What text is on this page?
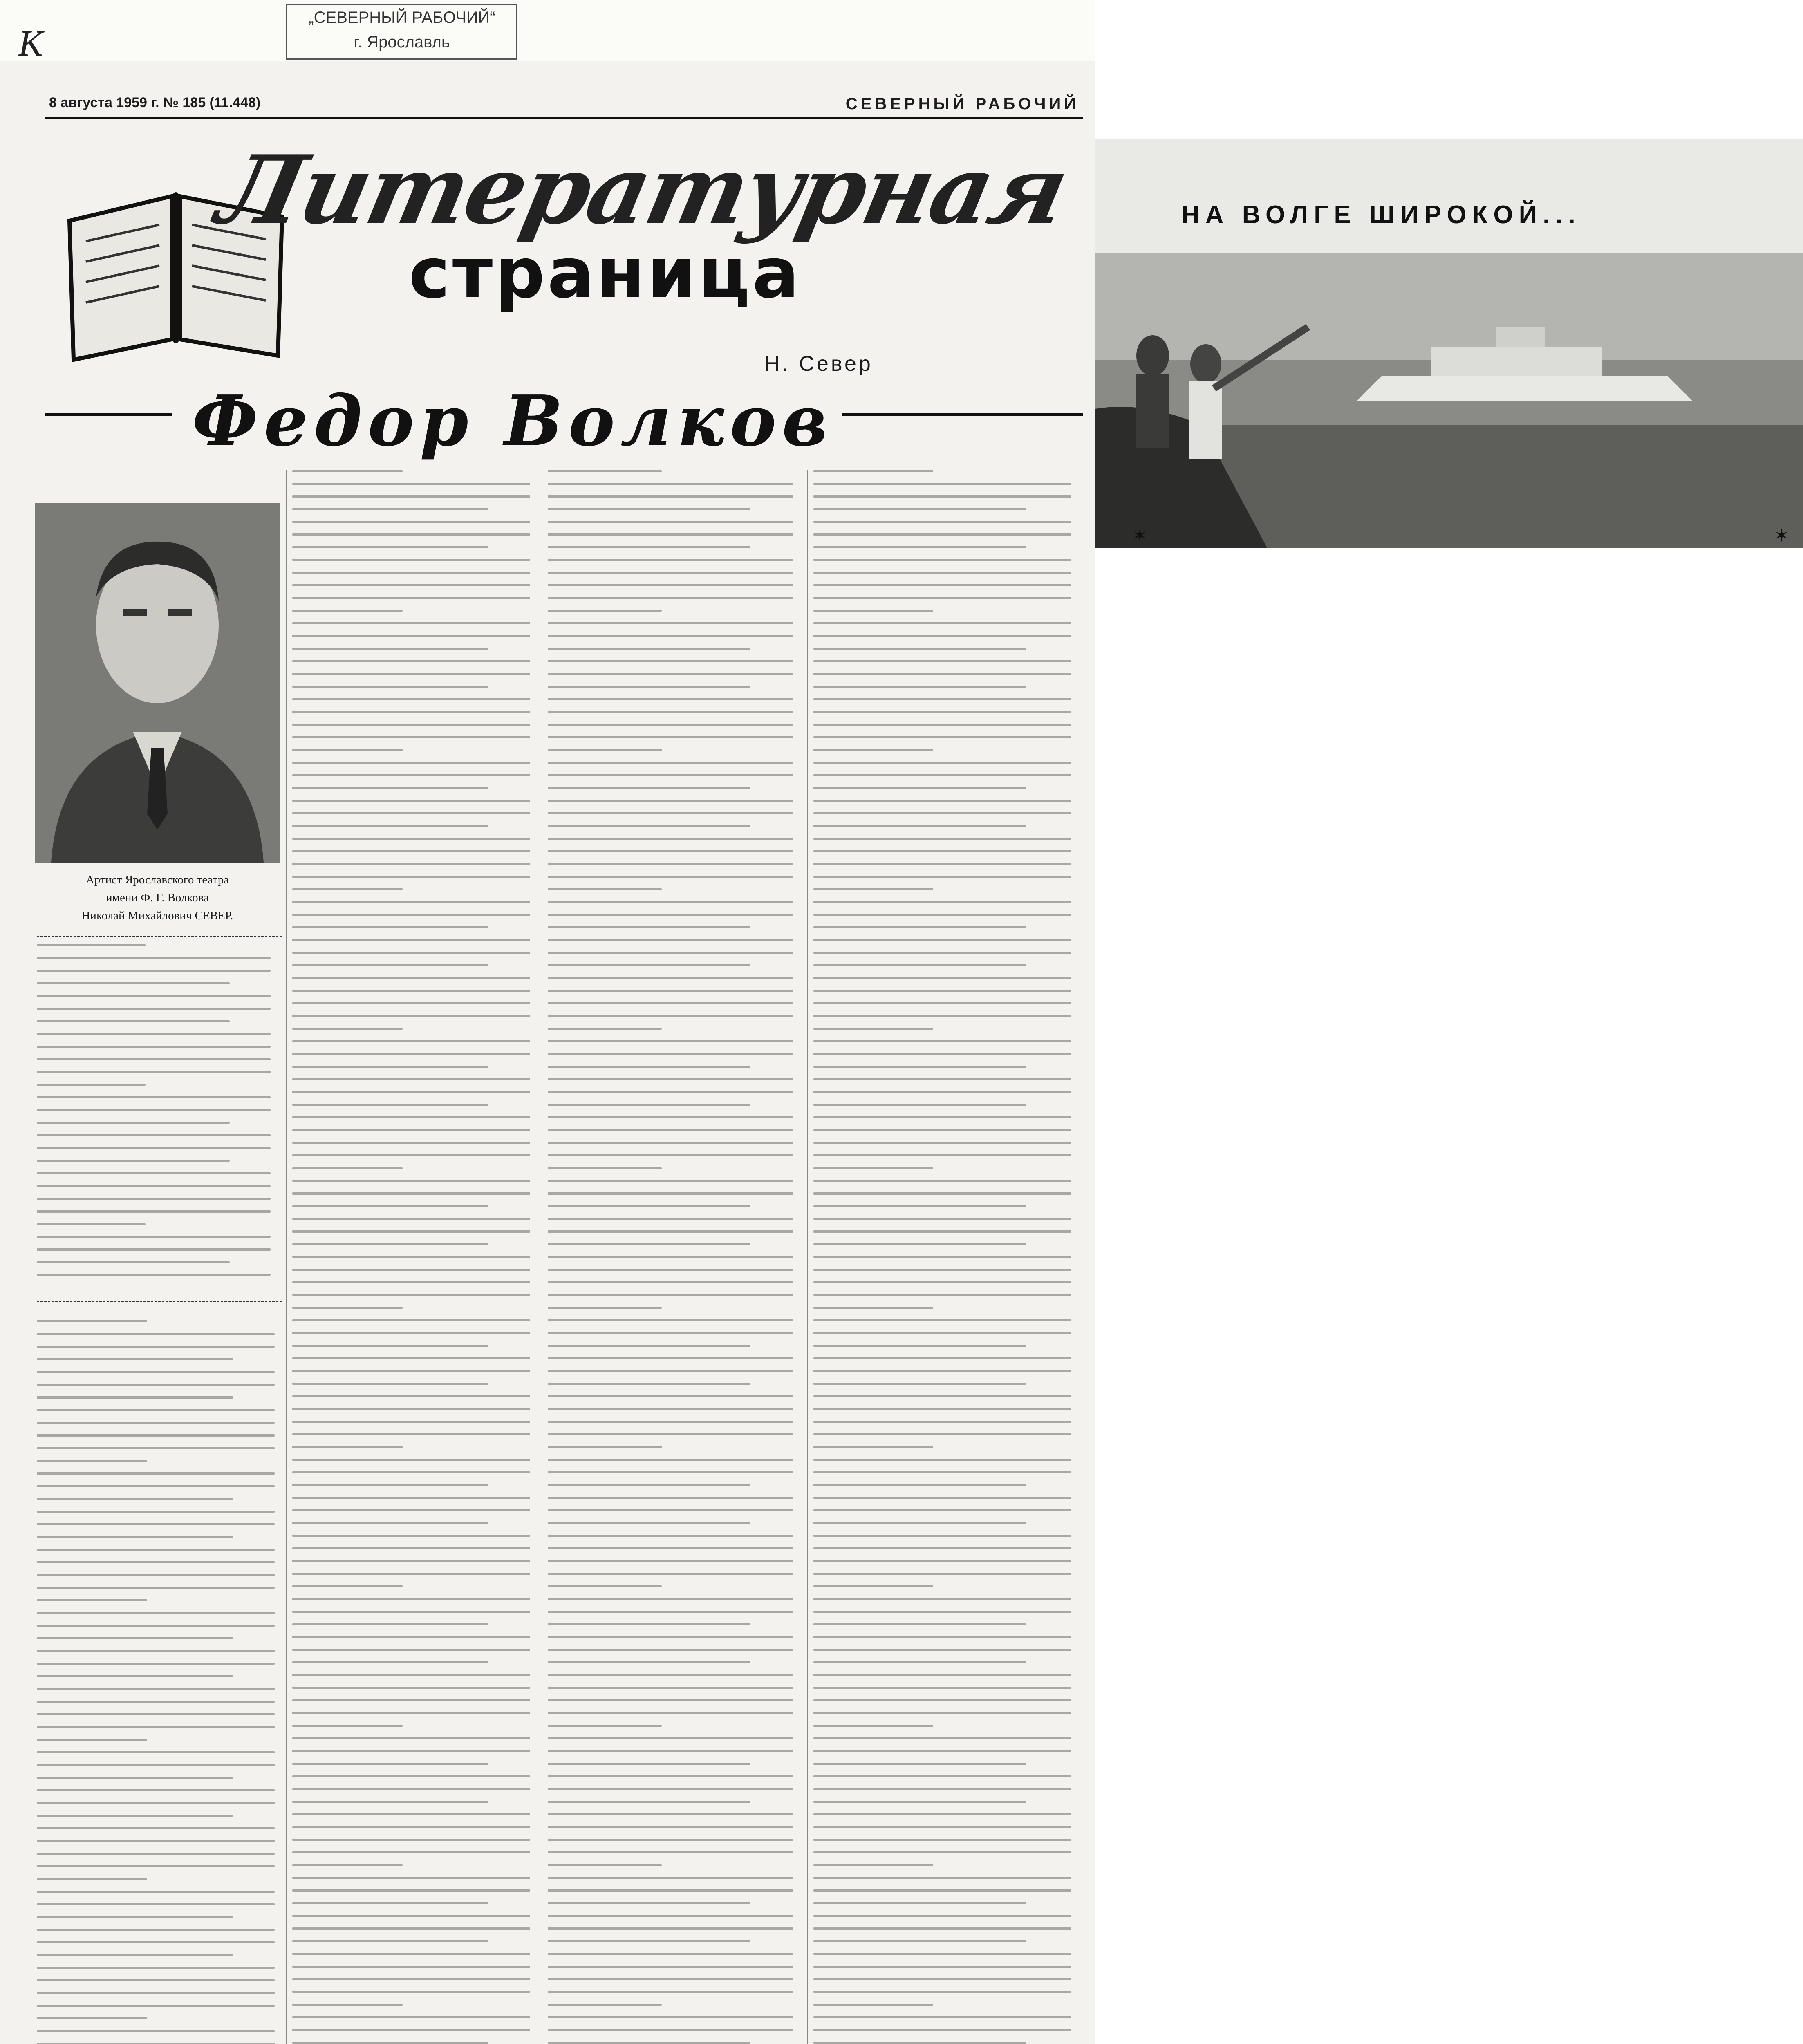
К
„СЕВЕРНЫЙ РАБОЧИЙ“
г. Ярославль
8 августа 1959 г. № 185 (11.448)	СЕВЕРНЫЙ РАБОЧИЙ
Литературная
страница
Н. Север
Федор Волков
Артист Ярославского театра
имени Ф. Г. Волкова
Николай Михайлович СЕВЕР.
НА ВОЛГЕ ШИРОКОЙ...
✶	✶
